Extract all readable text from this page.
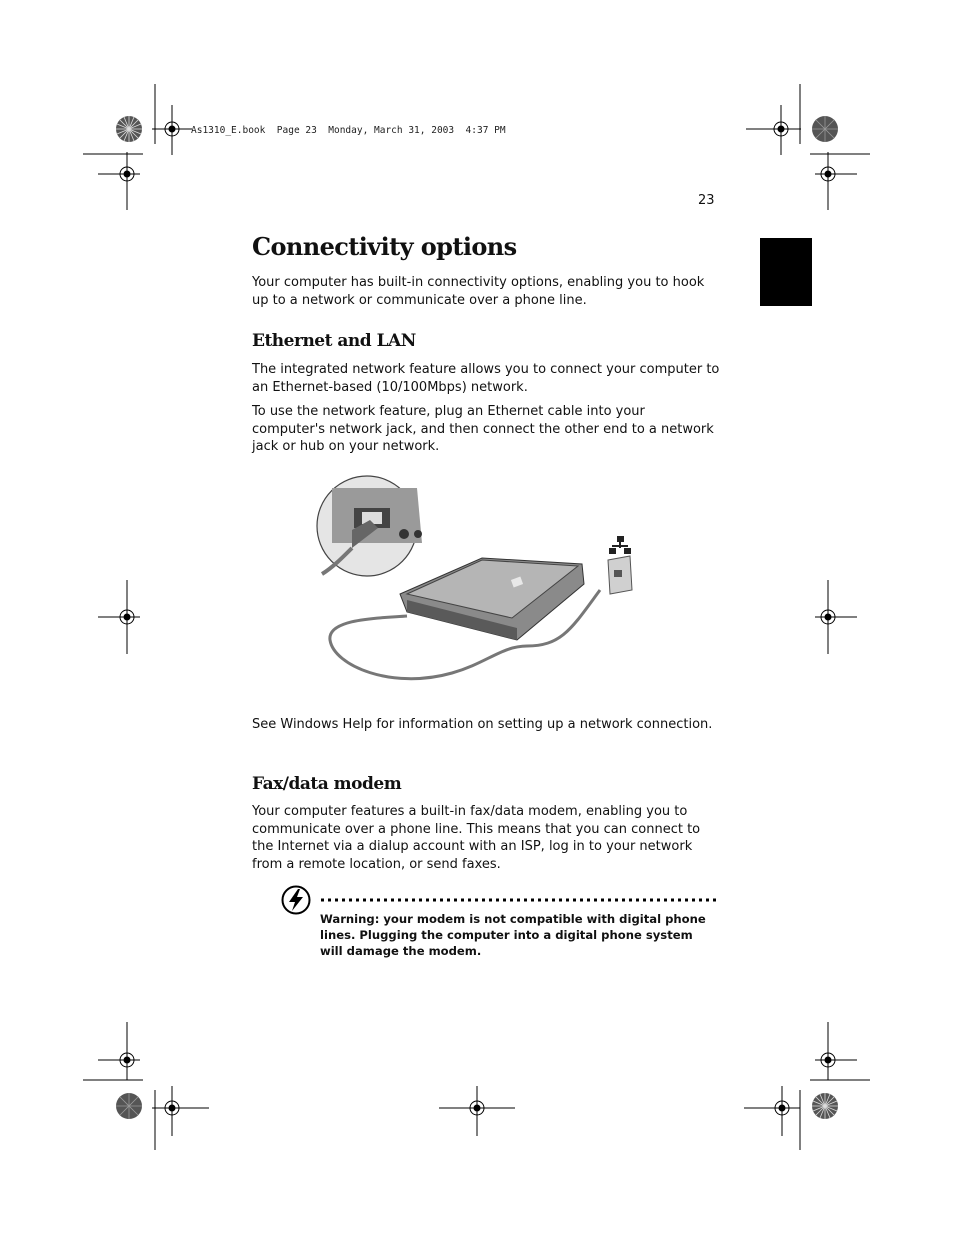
As1310_E.book  Page 23  Monday, March 31, 2003  4:37 PM
23
Connectivity options

Your computer has built-in connectivity options, enabling you to hook up to a network or communicate over a phone line.

Ethernet and LAN

The integrated network feature allows you to connect your computer to an Ethernet-based (10/100Mbps) network.

To use the network feature, plug an Ethernet cable into your computer's network jack, and then connect the other end to a network jack or hub on your network.

See Windows Help for information on setting up a network connection.

Fax/data modem

Your computer features a built-in fax/data modem, enabling you to communicate over a phone line. This means that you can connect to the Internet via a dialup account with an ISP, log in to your network from a remote location, or send faxes.

Warning: your modem is not compatible with digital phone lines. Plugging the computer into a digital phone system will damage the modem.
